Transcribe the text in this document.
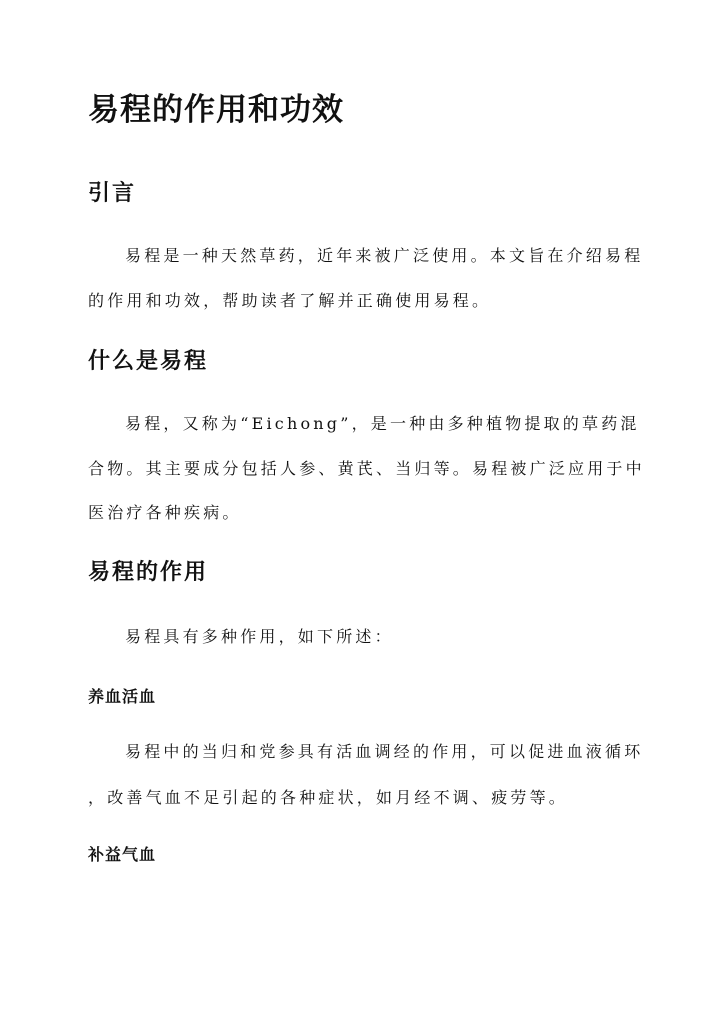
易程的作用和功效
引言

易程是一种天然草药，近年来被广泛使用。本文旨在介绍易程

的作用和功效，帮助读者了解并正确使用易程。

什么是易程

易程，又称为“Eichong”，是一种由多种植物提取的草药混

合物。其主要成分包括人参、黄芪、当归等。易程被广泛应用于中

医治疗各种疾病。

易程的作用

易程具有多种作用，如下所述：

养血活血

易程中的当归和党参具有活血调经的作用，可以促进血液循环

，改善气血不足引起的各种症状，如月经不调、疲劳等。

补益气血
